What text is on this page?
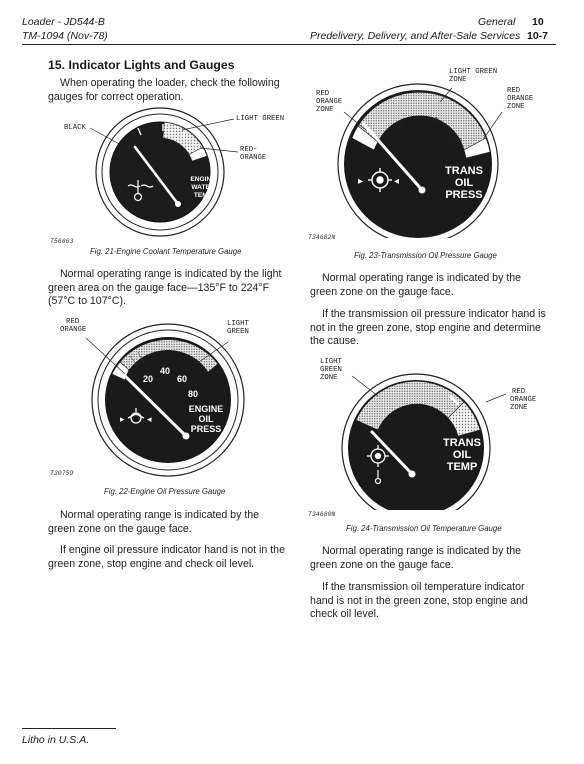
Loader - JD544-B
TM-1094 (Nov-78)
General 10
Predelivery, Delivery, and After-Sale Services 10-7
15. Indicator Lights and Gauges
When operating the loader, check the following gauges for correct operation.
ENGINE
WATER
TEMP
BLACK
LIGHT GREEN
RED-
ORANGE
T56863
Fig. 21-Engine Coolant Temperature Gauge
Normal operating range is indicated by the light green area on the gauge face—135°F to 224°F (57°C to 107°C).
▸ ◂
20
40
60
80
ENGINE
OIL
PRESS
RED
ORANGE
LIGHT
GREEN
T30759
Fig. 22-Engine Oil Pressure Gauge
Normal operating range is indicated by the green zone on the gauge face.
If engine oil pressure indicator hand is not in the green zone, stop engine and check oil level.
50
100
150
▸	◂
TRANS
OIL
PRESS
LIGHT GREEN
ZONE
RED
ORANGE
ZONE
RED
ORANGE
ZONE
T34682N
Fig. 23-Transmission Oil Pressure Gauge
Normal operating range is indicated by the green zone on the gauge face.
If the transmission oil pressure indicator hand is not in the green zone, stop engine and determine the cause.
TRANS
OIL
TEMP
LIGHT
GREEN
ZONE
RED
ORANGE
ZONE
T34680N
Fig. 24-Transmission Oil Temperature Gauge
Normal operating range is indicated by the green zone on the gauge face.
If the transmission oil temperature indicator hand is not in the green zone, stop engine and check oil level.
Litho in U.S.A.
